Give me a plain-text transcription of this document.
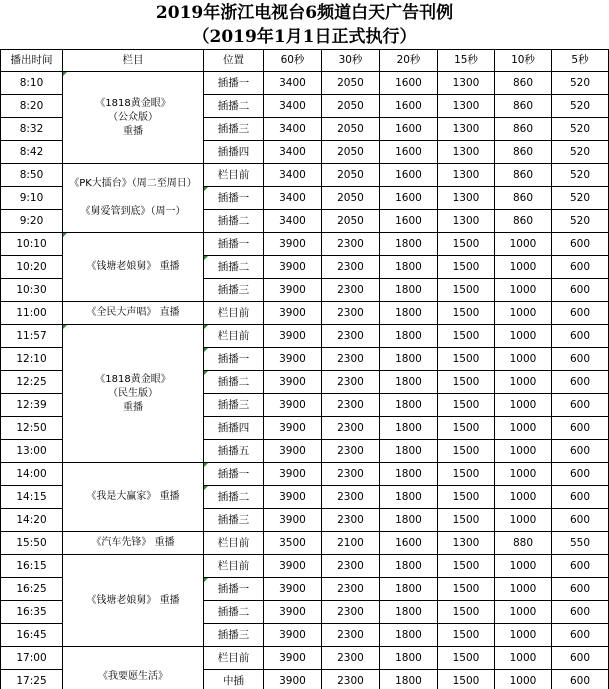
2019年浙江电视台6频道白天广告刊例
（2019年1月1日正式执行）
播出时间	栏目	位置	60秒	30秒	20秒	15秒	10秒	5秒
8:10	《1818黄金眼》
（公众版）
重播	插播一	3400	2050	1600	1300	860	520
8:20		插播二	3400	2050	1600	1300	860	520
8:32		插播三	3400	2050	1600	1300	860	520
8:42		插播四	3400	2050	1600	1300	860	520
8:50	《PK大擂台》（周二至周日）

《舅爱管到底》（周一）	栏目前	3400	2050	1600	1300	860	520
9:10		插播一	3400	2050	1600	1300	860	520
9:20		插播二	3400	2050	1600	1300	860	520
10:10	《钱塘老娘舅》 重播	插播一	3900	2300	1800	1500	1000	600
10:20		插播二	3900	2300	1800	1500	1000	600
10:30		插播三	3900	2300	1800	1500	1000	600
11:00	《全民大声唱》 直播	栏目前	3900	2300	1800	1500	1000	600
11:57	《1818黄金眼》
（民生版）
重播	栏目前	3900	2300	1800	1500	1000	600
12:10		插播一	3900	2300	1800	1500	1000	600
12:25		插播二	3900	2300	1800	1500	1000	600
12:39		插播三	3900	2300	1800	1500	1000	600
12:50		插播四	3900	2300	1800	1500	1000	600
13:00		插播五	3900	2300	1800	1500	1000	600
14:00	《我是大赢家》 重播	插播一	3900	2300	1800	1500	1000	600
14:15		插播二	3900	2300	1800	1500	1000	600
14:20		插播三	3900	2300	1800	1500	1000	600
15:50	《汽车先锋》 重播	栏目前	3500	2100	1600	1300	880	550
16:15	《钱塘老娘舅》 重播	栏目前	3900	2300	1800	1500	1000	600
16:25		插播一	3900	2300	1800	1500	1000	600
16:35		插播二	3900	2300	1800	1500	1000	600
16:45		插播三	3900	2300	1800	1500	1000	600
17:00	《我要愿生活》	栏目前	3900	2300	1800	1500	1000	600
17:25		中插	3900	2300	1800	1500	1000	600
